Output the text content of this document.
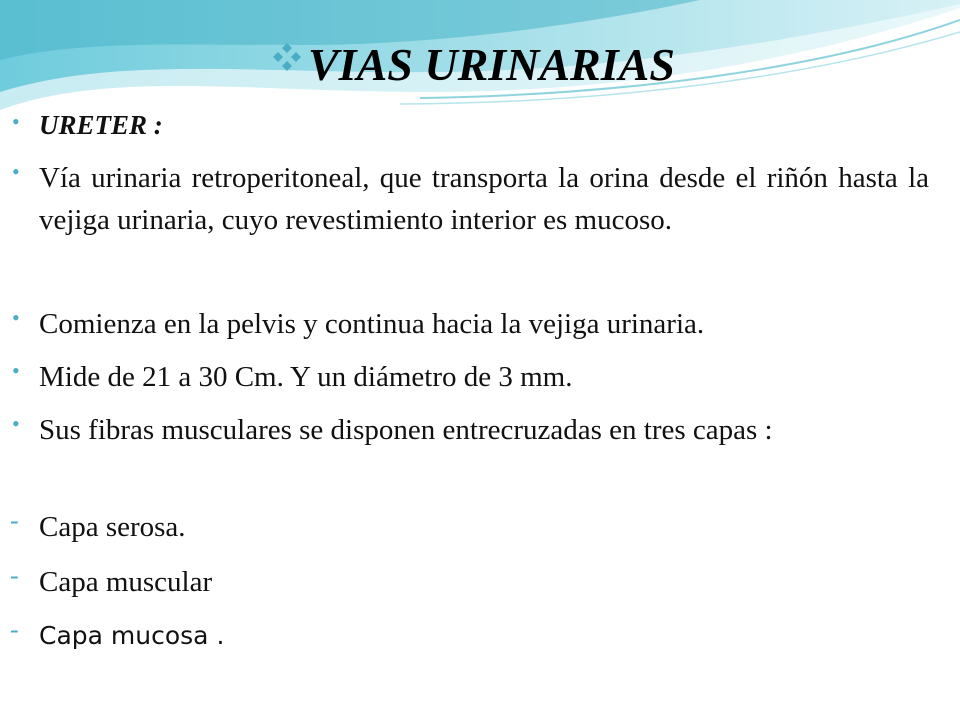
VIAS URINARIAS
• URETER :
• Vía urinaria retroperitoneal, que transporta la orina desde el riñón hasta la vejiga urinaria, cuyo revestimiento interior es mucoso.
• Comienza en la pelvis y continua hacia la vejiga urinaria.
• Mide de 21 a 30 Cm. Y un diámetro de 3 mm.
• Sus fibras musculares se disponen entrecruzadas en tres capas :
- Capa serosa.
- Capa muscular
- Capa mucosa .
